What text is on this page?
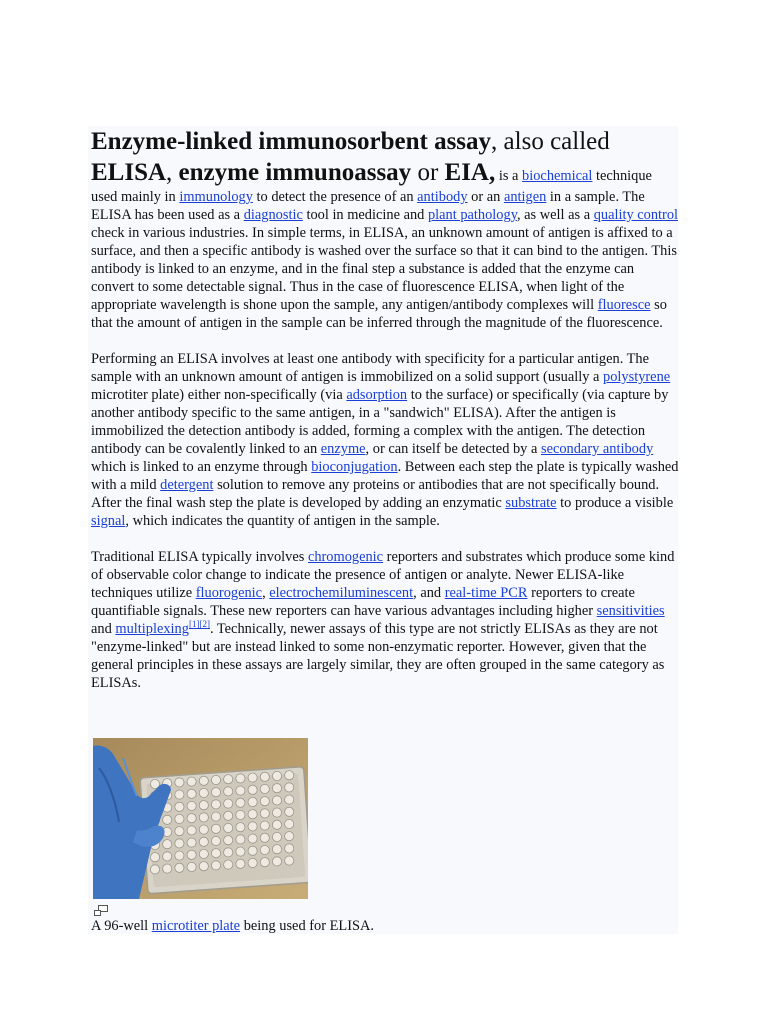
Enzyme-linked immunosorbent assay, also called ELISA, enzyme immunoassay or EIA, is a biochemical technique used mainly in immunology to detect the presence of an antibody or an antigen in a sample. The ELISA has been used as a diagnostic tool in medicine and plant pathology, as well as a quality control check in various industries. In simple terms, in ELISA, an unknown amount of antigen is affixed to a surface, and then a specific antibody is washed over the surface so that it can bind to the antigen. This antibody is linked to an enzyme, and in the final step a substance is added that the enzyme can convert to some detectable signal. Thus in the case of fluorescence ELISA, when light of the appropriate wavelength is shone upon the sample, any antigen/antibody complexes will fluoresce so that the amount of antigen in the sample can be inferred through the magnitude of the fluorescence.

Performing an ELISA involves at least one antibody with specificity for a particular antigen. The sample with an unknown amount of antigen is immobilized on a solid support (usually a polystyrene microtiter plate) either non-specifically (via adsorption to the surface) or specifically (via capture by another antibody specific to the same antigen, in a "sandwich" ELISA). After the antigen is immobilized the detection antibody is added, forming a complex with the antigen. The detection antibody can be covalently linked to an enzyme, or can itself be detected by a secondary antibody which is linked to an enzyme through bioconjugation. Between each step the plate is typically washed with a mild detergent solution to remove any proteins or antibodies that are not specifically bound. After the final wash step the plate is developed by adding an enzymatic substrate to produce a visible signal, which indicates the quantity of antigen in the sample.

Traditional ELISA typically involves chromogenic reporters and substrates which produce some kind of observable color change to indicate the presence of antigen or analyte. Newer ELISA-like techniques utilize fluorogenic, electrochemiluminescent, and real-time PCR reporters to create quantifiable signals. These new reporters can have various advantages including higher sensitivities and multiplexing[1][2]. Technically, newer assays of this type are not strictly ELISAs as they are not "enzyme-linked" but are instead linked to some non-enzymatic reporter. However, given that the general principles in these assays are largely similar, they are often grouped in the same category as ELISAs.

A 96-well microtiter plate being used for ELISA.
